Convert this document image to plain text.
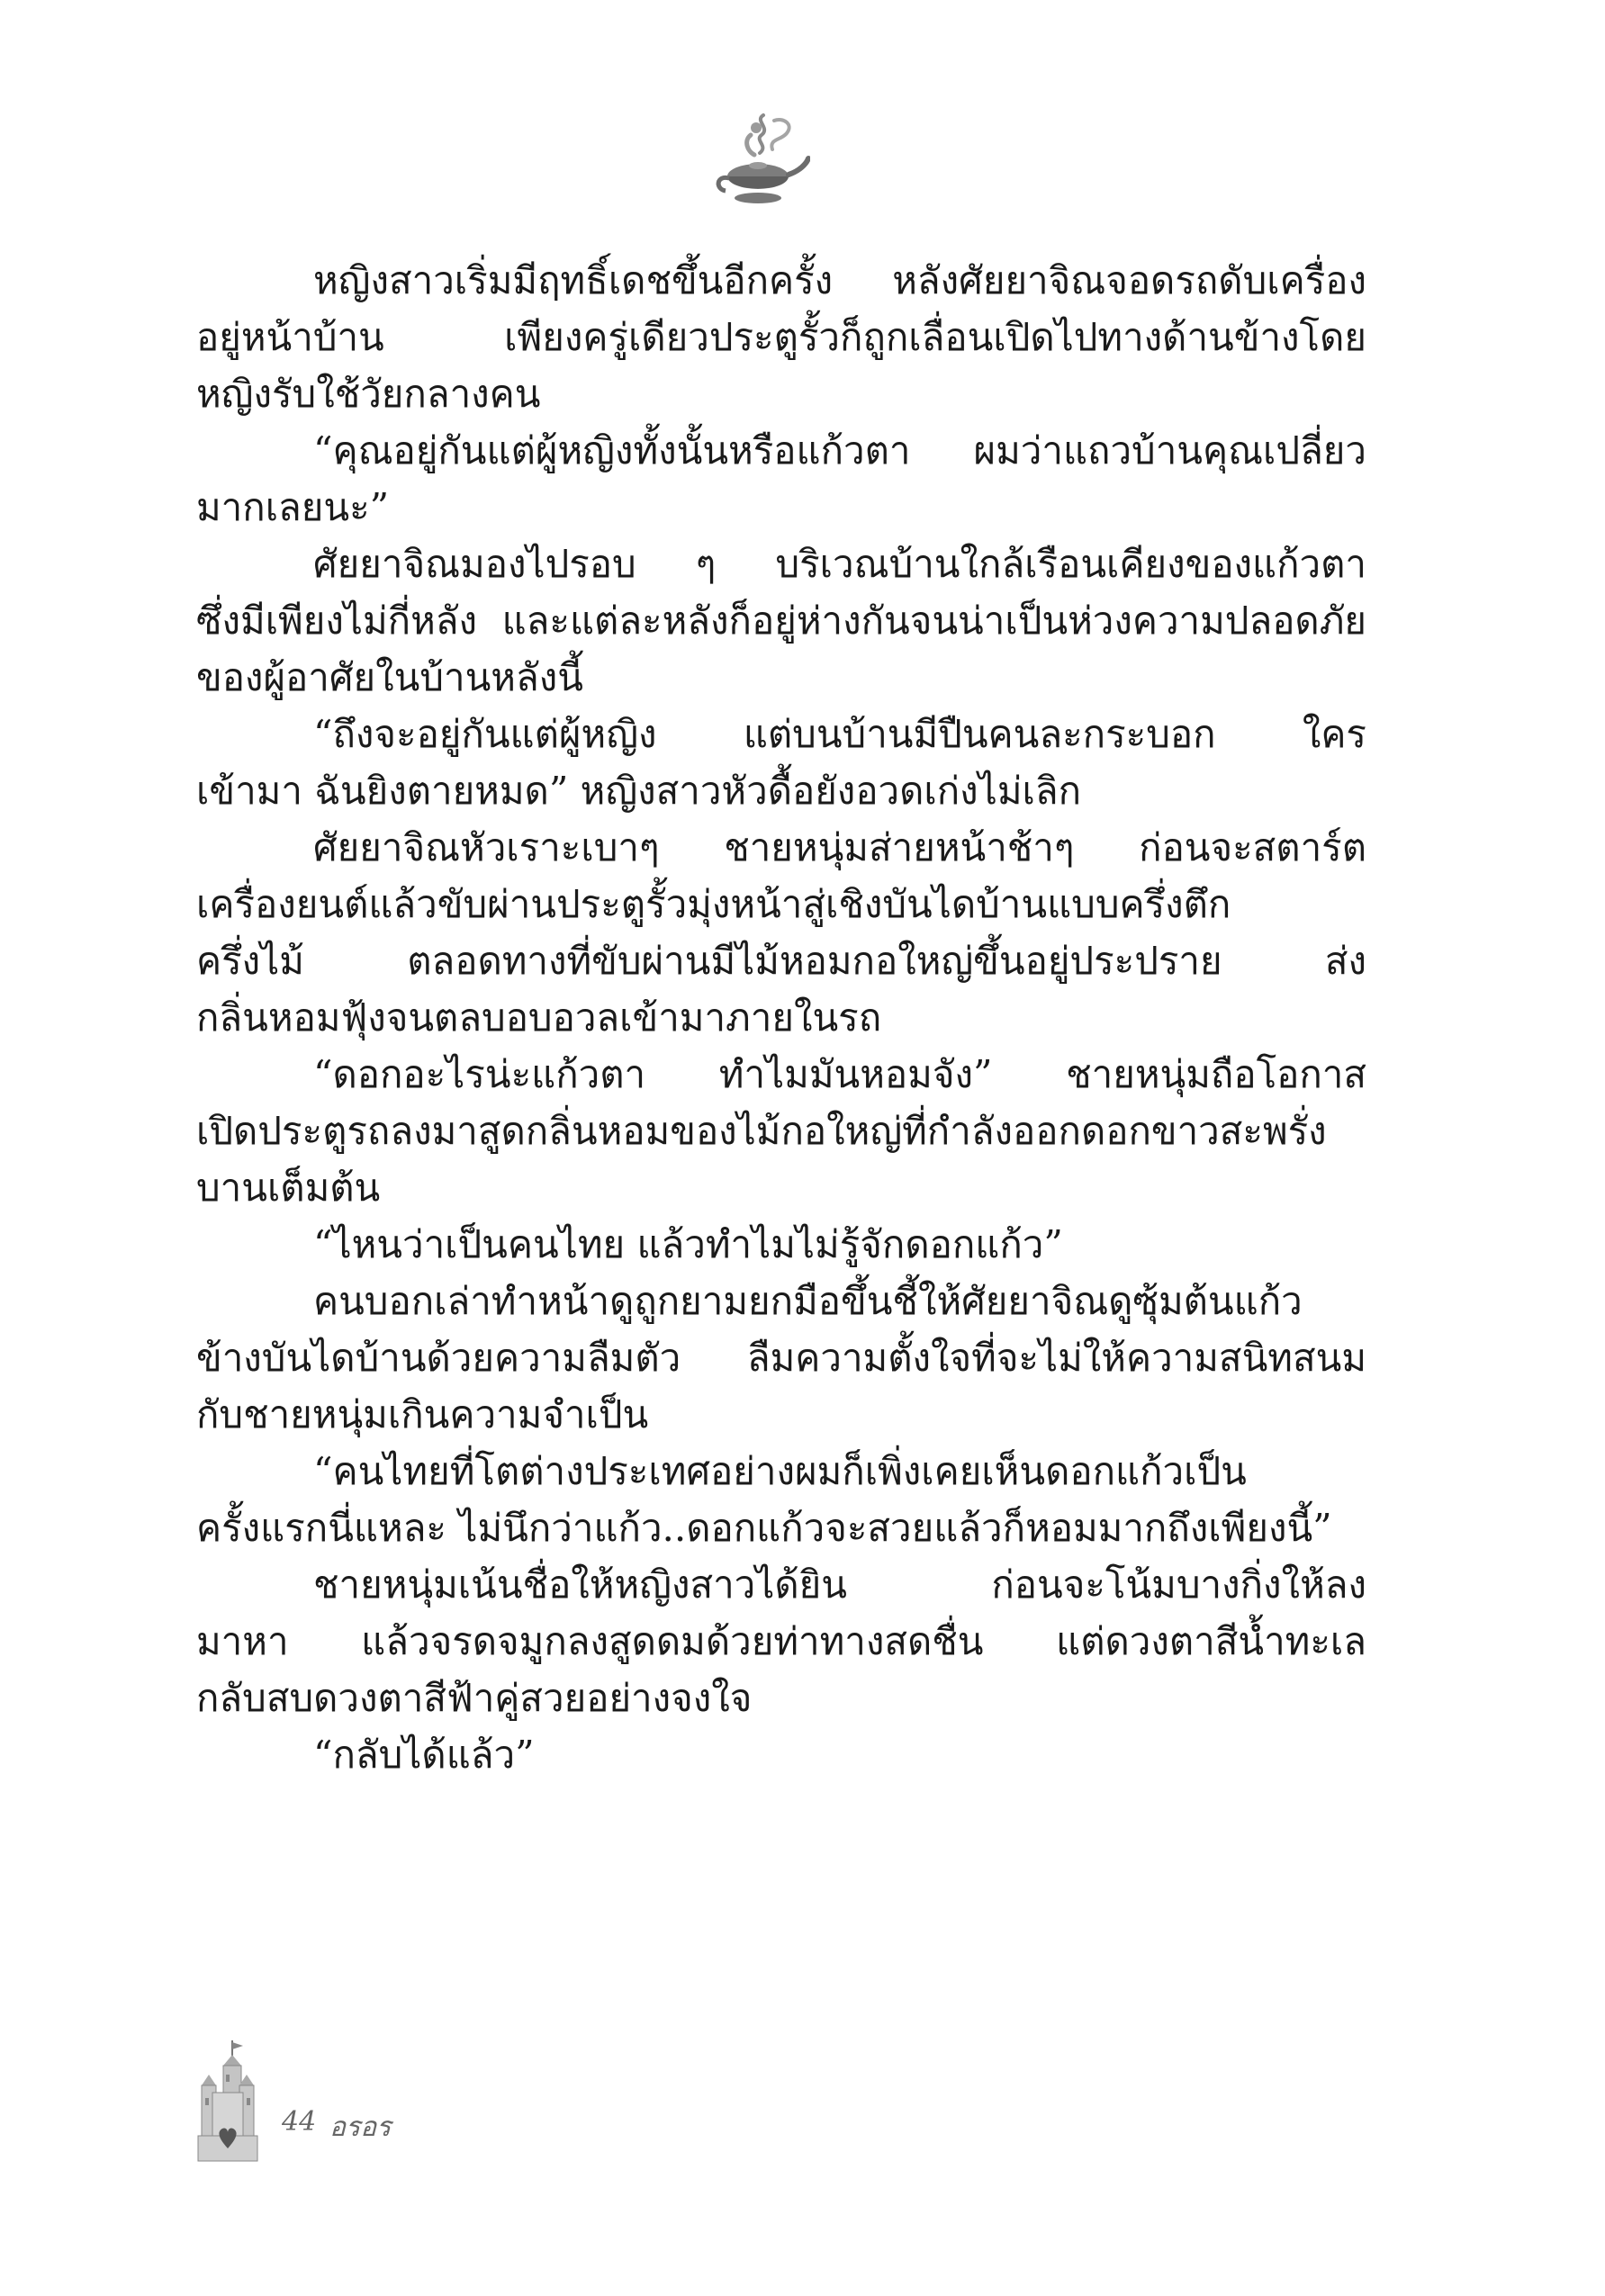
หญิงสาวเริ่มมีฤทธิ์เดชขึ้นอีกครั้ง หลังศัยยาจิณจอดรถดับเครื่อง
อยู่หน้าบ้าน เพียงครู่เดียวประตูรั้วก็ถูกเลื่อนเปิดไปทางด้านข้างโดย
หญิงรับใช้วัยกลางคน
“คุณอยู่กันแต่ผู้หญิงทั้งนั้นหรือแก้วตา ผมว่าแถวบ้านคุณเปลี่ยว
มากเลยนะ”
ศัยยาจิณมองไปรอบ ๆ บริเวณบ้านใกล้เรือนเคียงของแก้วตา
ซึ่งมีเพียงไม่กี่หลัง และแต่ละหลังก็อยู่ห่างกันจนน่าเป็นห่วงความปลอดภัย
ของผู้อาศัยในบ้านหลังนี้
“ถึงจะอยู่กันแต่ผู้หญิง แต่บนบ้านมีปืนคนละกระบอก ใคร
เข้ามา ฉันยิงตายหมด” หญิงสาวหัวดื้อยังอวดเก่งไม่เลิก
ศัยยาจิณหัวเราะเบาๆ ชายหนุ่มส่ายหน้าช้าๆ ก่อนจะสตาร์ต
เครื่องยนต์แล้วขับผ่านประตูรั้วมุ่งหน้าสู่เชิงบันไดบ้านแบบครึ่งตึก
ครึ่งไม้ ตลอดทางที่ขับผ่านมีไม้หอมกอใหญ่ขึ้นอยู่ประปราย ส่ง
กลิ่นหอมฟุ้งจนตลบอบอวลเข้ามาภายในรถ
“ดอกอะไรน่ะแก้วตา ทำไมมันหอมจัง” ชายหนุ่มถือโอกาส
เปิดประตูรถลงมาสูดกลิ่นหอมของไม้กอใหญ่ที่กำลังออกดอกขาวสะพรั่ง
บานเต็มต้น
“ไหนว่าเป็นคนไทย แล้วทำไมไม่รู้จักดอกแก้ว”
คนบอกเล่าทำหน้าดูถูกยามยกมือขึ้นชี้ให้ศัยยาจิณดูซุ้มต้นแก้ว
ข้างบันไดบ้านด้วยความลืมตัว ลืมความตั้งใจที่จะไม่ให้ความสนิทสนม
กับชายหนุ่มเกินความจำเป็น
“คนไทยที่โตต่างประเทศอย่างผมก็เพิ่งเคยเห็นดอกแก้วเป็น
ครั้งแรกนี่แหละ ไม่นึกว่าแก้ว..ดอกแก้วจะสวยแล้วก็หอมมากถึงเพียงนี้”
ชายหนุ่มเน้นชื่อให้หญิงสาวได้ยิน ก่อนจะโน้มบางกิ่งให้ลง
มาหา แล้วจรดจมูกลงสูดดมด้วยท่าทางสดชื่น แต่ดวงตาสีน้ำทะเล
กลับสบดวงตาสีฟ้าคู่สวยอย่างจงใจ
“กลับได้แล้ว”
44 อรอร
